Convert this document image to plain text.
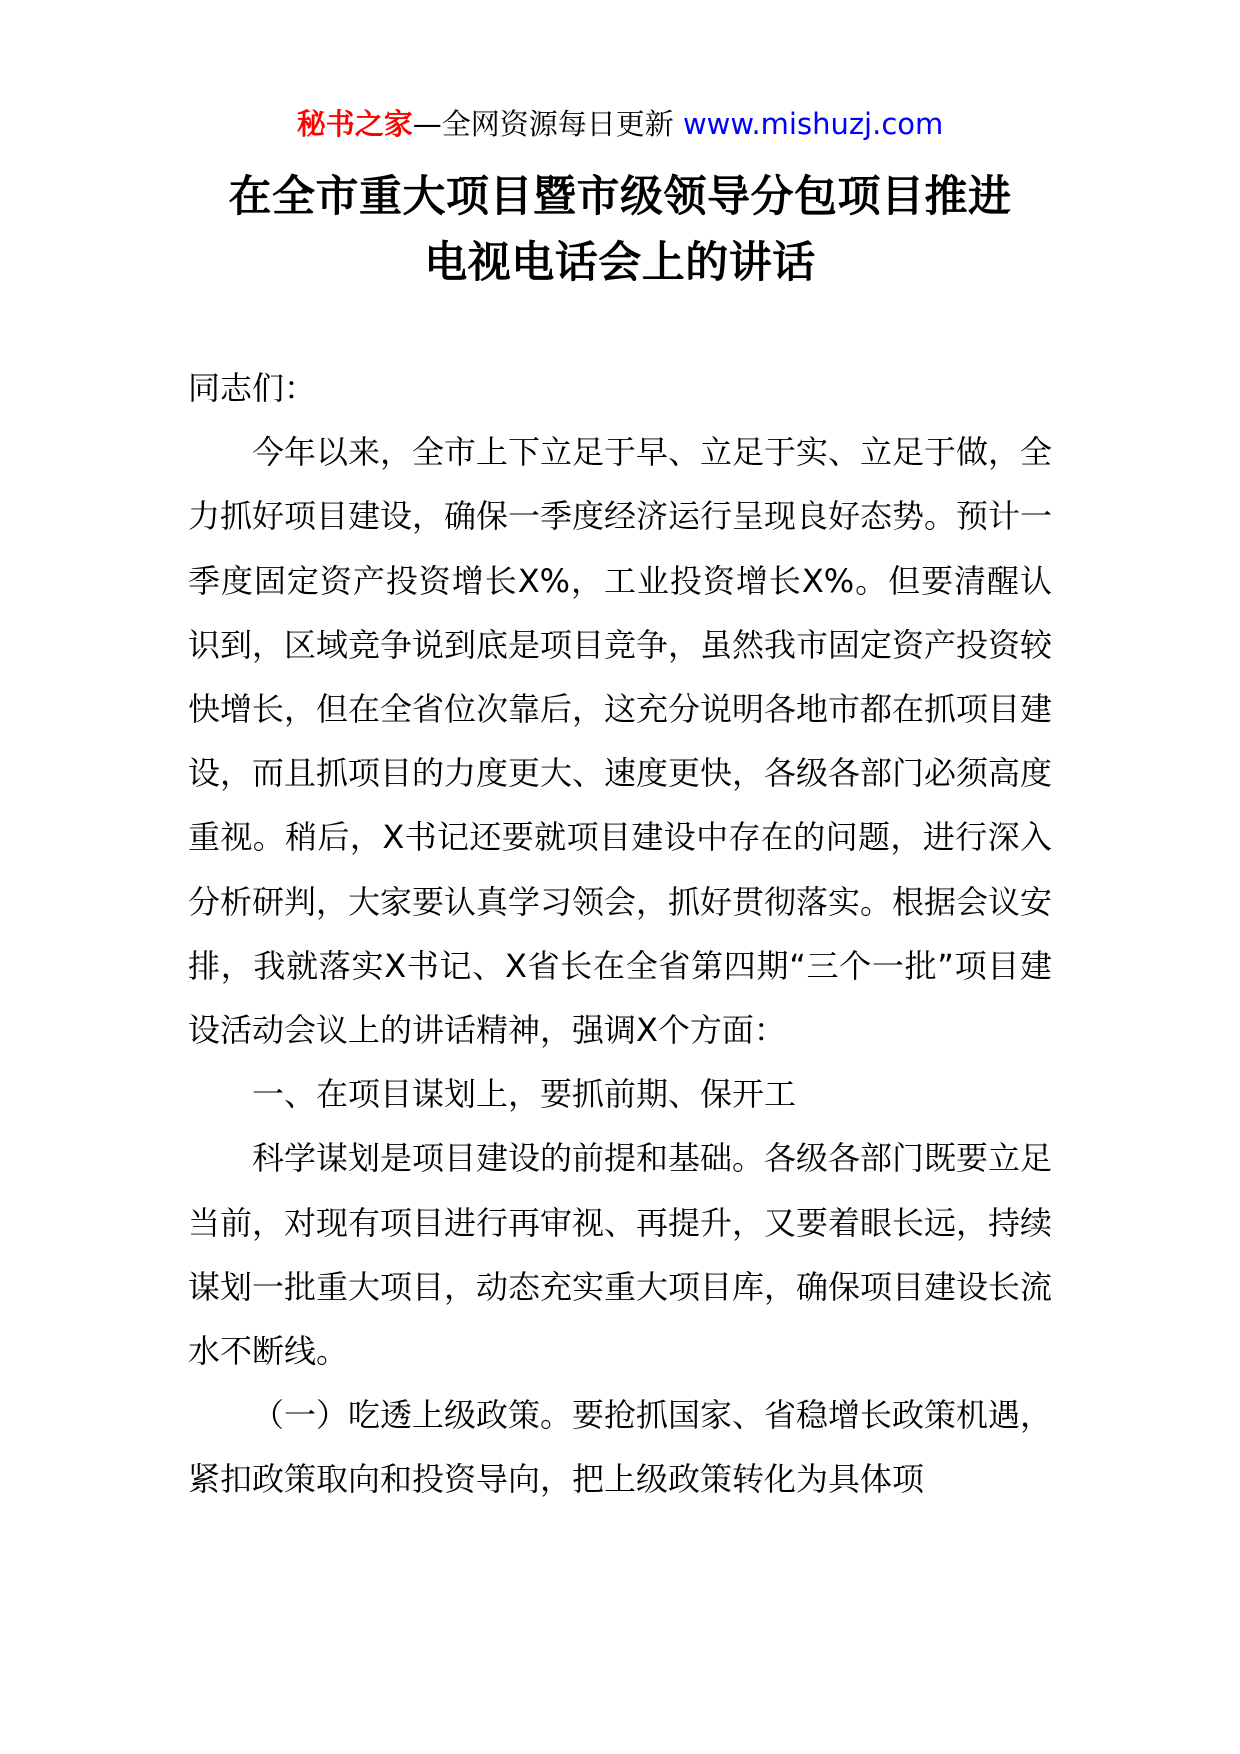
秘书之家—全网资源每日更新 www.mishuzj.com
在全市重大项目暨市级领导分包项目推进
电视电话会上的讲话

同志们：

今年以来，全市上下立足于早、立足于实、立足于做，全力抓好项目建设，确保一季度经济运行呈现良好态势。预计一季度固定资产投资增长X%，工业投资增长X%。但要清醒认识到，区域竞争说到底是项目竞争，虽然我市固定资产投资较快增长，但在全省位次靠后，这充分说明各地市都在抓项目建设，而且抓项目的力度更大、速度更快，各级各部门必须高度重视。稍后，X书记还要就项目建设中存在的问题，进行深入分析研判，大家要认真学习领会，抓好贯彻落实。根据会议安排，我就落实X书记、X省长在全省第四期“三个一批”项目建设活动会议上的讲话精神，强调X个方面：

一、在项目谋划上，要抓前期、保开工

科学谋划是项目建设的前提和基础。各级各部门既要立足当前，对现有项目进行再审视、再提升，又要着眼长远，持续谋划一批重大项目，动态充实重大项目库，确保项目建设长流水不断线。

（一）吃透上级政策。要抢抓国家、省稳增长政策机遇，紧扣政策取向和投资导向，把上级政策转化为具体项
